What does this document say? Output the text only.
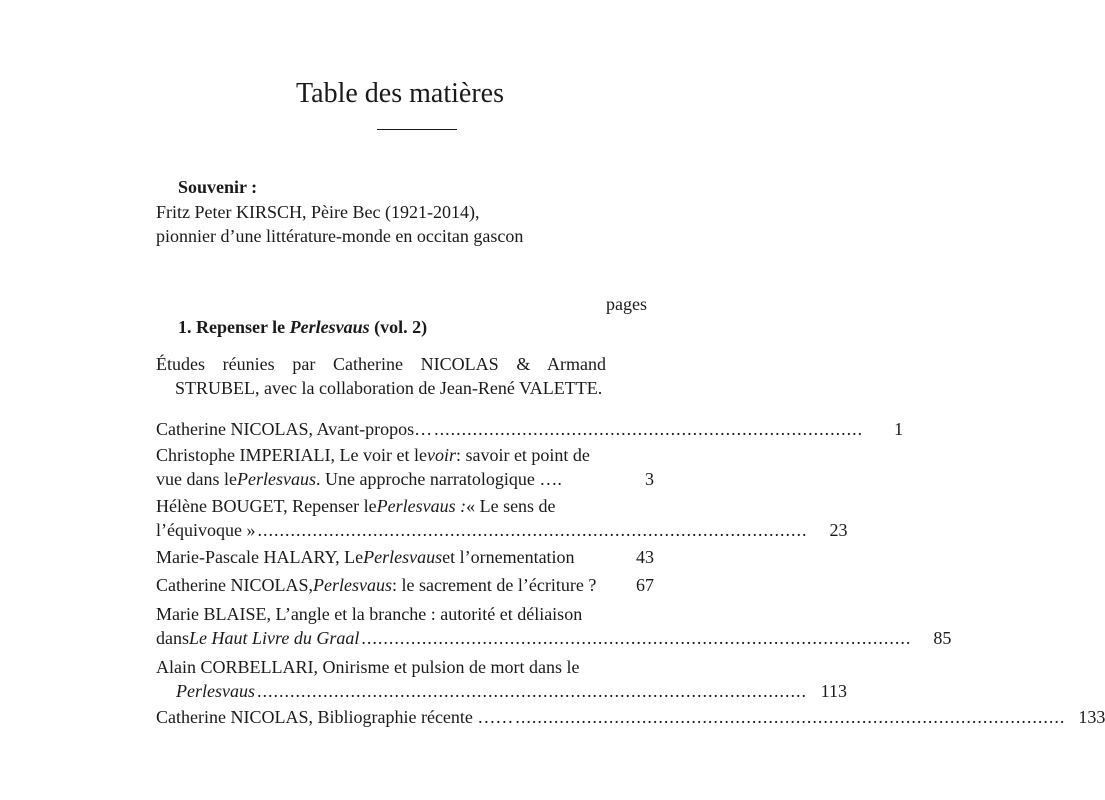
Table des matières
Souvenir :
Fritz Peter KIRSCH, Pèire Bec (1921-2014),
pionnier d’une littérature-monde en occitan gascon
pages
1. Repenser le Perlesvaus (vol. 2)
Études réunies par Catherine NICOLAS & Armand
STRUBEL, avec la collaboration de Jean-René VALETTE.
Catherine NICOLAS, Avant-propos… ..............................................................................	1
Christophe IMPERIALI, Le voir et le voir : savoir et point de
vue dans le Perlesvaus . Une approche narratologique ….	3
Hélène BOUGET, Repenser le Perlesvaus : « Le sens de
l’équivoque » ....................................................................................................	23
Marie-Pascale HALARY, Le Perlesvaus et l’ornementation	43
Catherine NICOLAS, Perlesvaus : le sacrement de l’écriture ?	67
Marie BLAISE, L’angle et la branche : autorité et déliaison
dans Le Haut Livre du Graal ....................................................................................................	85
Alain CORBELLARI, Onirisme et pulsion de mort dans le
Perlesvaus .................................................................................................... 113
Catherine NICOLAS, Bibliographie récente …… .................................................................................................... 133
